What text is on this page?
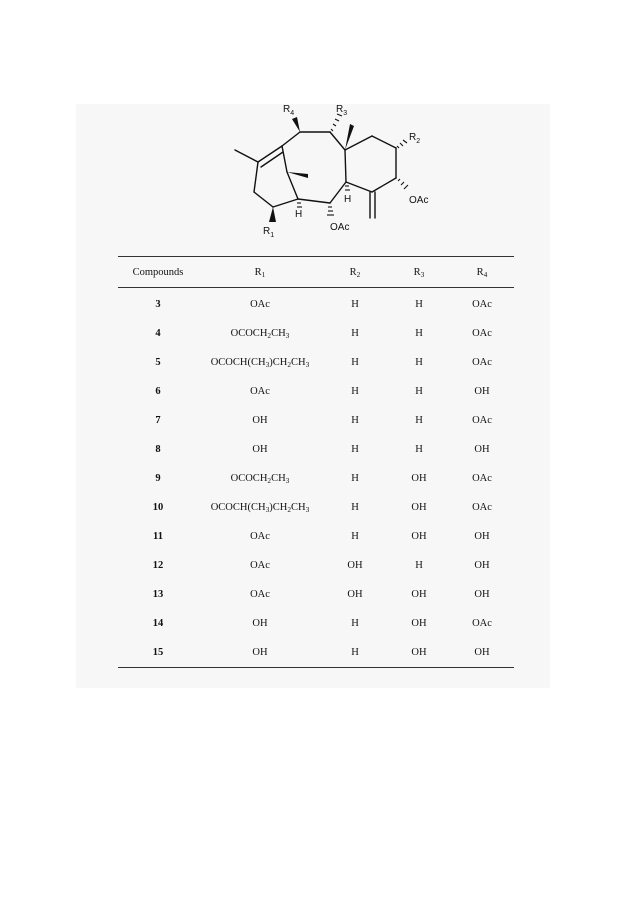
$R_4$	$R_3$
$R_2$
$R_1$
OAc
OAc
H
H
Compounds	$R_1$	$R_2$	$R_3$	$R_4$
3	OAc	H	H	OAc
4	$OCOCH_2CH_3$	H	H	OAc
5	$OCOCH(CH_3)CH_2CH_3$	H	H	OAc
6	OAc	H	H	OH
7	OH	H	H	OAc
8	OH	H	H	OH
9	$OCOCH_2CH_3$	H	OH	OAc
10	$OCOCH(CH_3)CH_2CH_3$	H	OH	OAc
11	OAc	H	OH	OH
12	OAc	OH	H	OH
13	OAc	OH	OH	OH
14	OH	H	OH	OAc
15	OH	H	OH	OH
